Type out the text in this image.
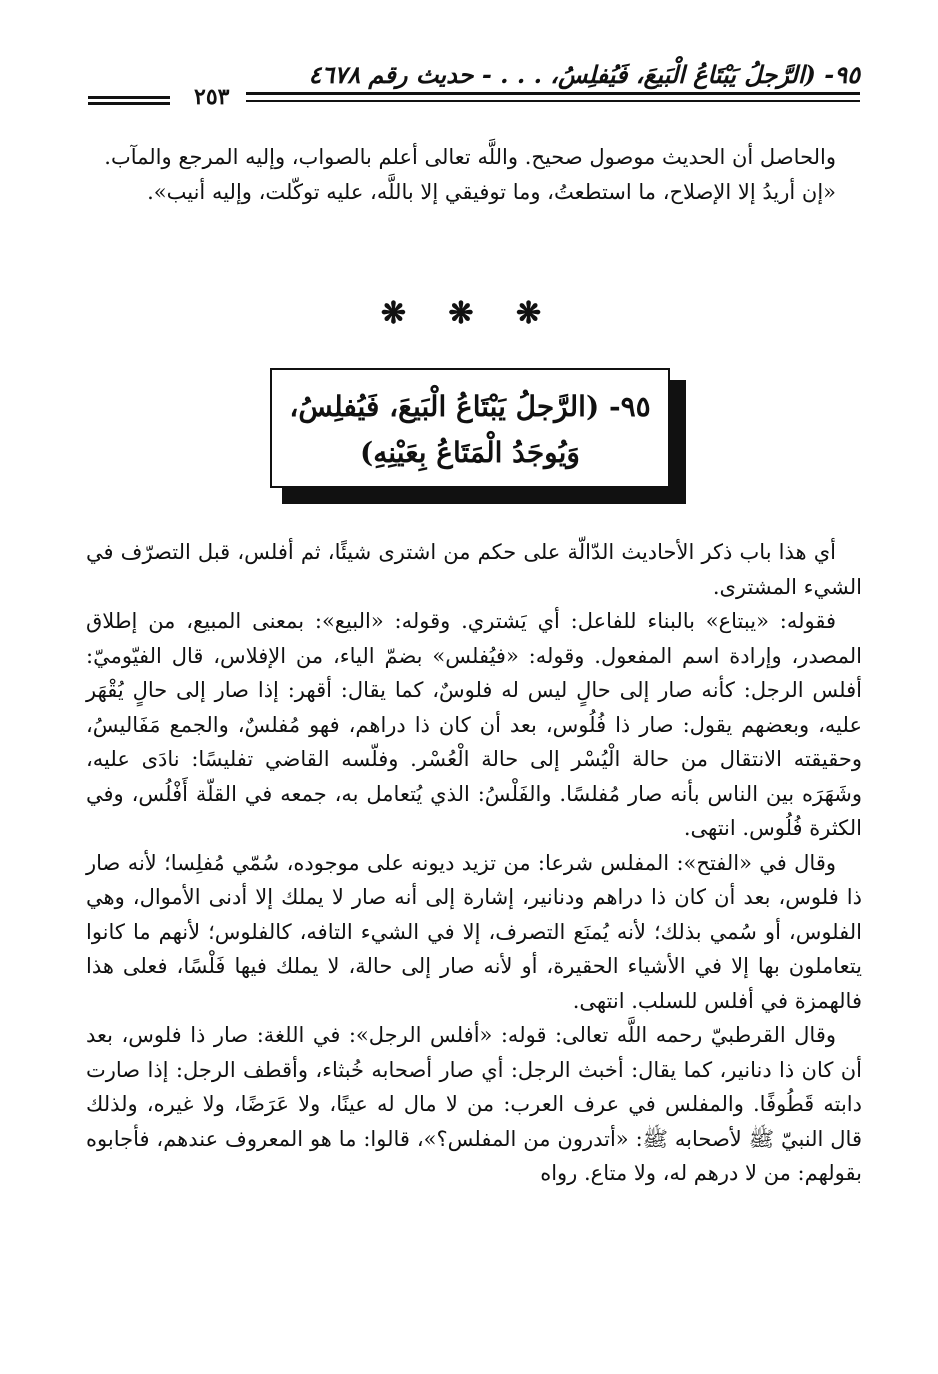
٩٥- (الرَّجلُ يَبْتَاعُ الْبَيعَ، فَيُفلِسُ، . . . - حديث رقم ٤٦٧٨
٢٥٣

والحاصل أن الحديث موصول صحيح. واللَّه تعالى أعلم بالصواب، وإليه المرجع والمآب.

«إن أريدُ إلا الإصلاح، ما استطعتُ، وما توفيقي إلا باللَّه، عليه توكّلت، وإليه أنيب».

❋ ❋ ❋
٩٥- (الرَّجلُ يَبْتَاعُ الْبَيعَ، فَيُفلِسُ،
وَيُوجَدُ الْمَتَاعُ بِعَيْنِهِ)

أي هذا باب ذكر الأحاديث الدّالّة على حكم من اشترى شيئًا، ثم أفلس، قبل التصرّف في الشيء المشترى.

فقوله: «يبتاع» بالبناء للفاعل: أي يَشتري. وقوله: «البيع»: بمعنى المبيع، من إطلاق المصدر، وإرادة اسم المفعول. وقوله: «فيُفلس» بضمّ الياء، من الإفلاس، قال الفيّوميّ: أفلس الرجل: كأنه صار إلى حالٍ ليس له فلوسٌ، كما يقال: أقهر: إذا صار إلى حالٍ يُقْهَر عليه، وبعضهم يقول: صار ذا فُلُوس، بعد أن كان ذا دراهم، فهو مُفلسٌ، والجمع مَفَاليسُ، وحقيقته الانتقال من حالة الْيُسْر إلى حالة الْعُسْر. وفلّسه القاضي تفليسًا: نادَى عليه، وشَهَرَه بين الناس بأنه صار مُفلسًا. والفَلْسُ: الذي يُتعامل به، جمعه في القلّة أَفْلُس، وفي الكثرة فُلُوس. انتهى.

وقال في «الفتح»: المفلس شرعا: من تزيد ديونه على موجوده، سُمّي مُفلِسا؛ لأنه صار ذا فلوس، بعد أن كان ذا دراهم ودنانير، إشارة إلى أنه صار لا يملك إلا أدنى الأموال، وهي الفلوس، أو سُمي بذلك؛ لأنه يُمنَع التصرف، إلا في الشيء التافه، كالفلوس؛ لأنهم ما كانوا يتعاملون بها إلا في الأشياء الحقيرة، أو لأنه صار إلى حالة، لا يملك فيها فَلْسًا، فعلى هذا فالهمزة في أفلس للسلب. انتهى.

وقال القرطبيّ رحمه اللَّه تعالى: قوله: «أفلس الرجل»: في اللغة: صار ذا فلوس، بعد أن كان ذا دنانير، كما يقال: أخبث الرجل: أي صار أصحابه خُبثاء، وأقطف الرجل: إذا صارت دابته قَطُوفًا. والمفلس في عرف العرب: من لا مال له عينًا، ولا عَرَضًا، ولا غيره، ولذلك قال النبيّ ﷺ لأصحابه ﷺ: «أتدرون من المفلس؟»، قالوا: ما هو المعروف عندهم، فأجابوه بقولهم: من لا درهم له، ولا متاع. رواه
